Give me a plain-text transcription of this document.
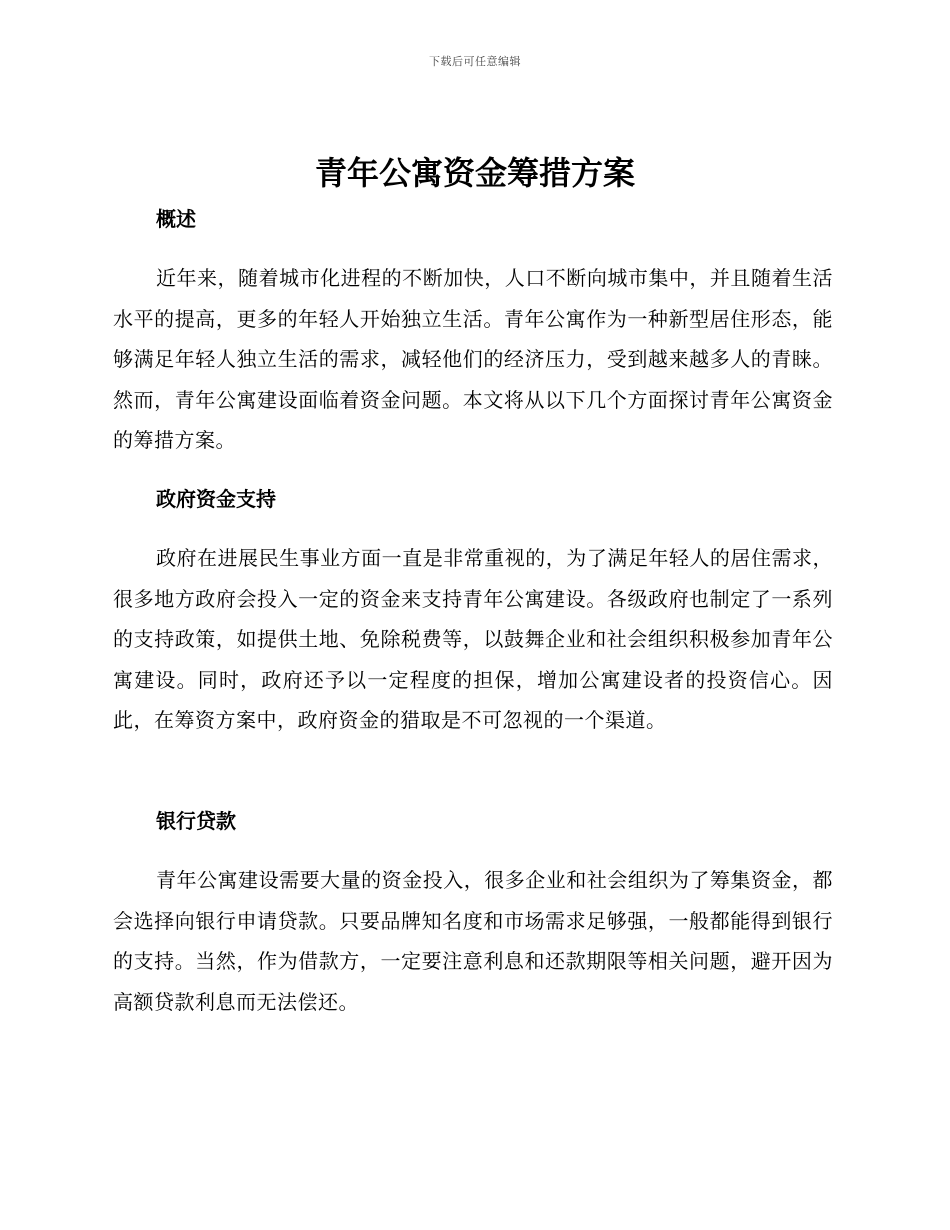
下载后可任意编辑
青年公寓资金筹措方案
概述

近年来，随着城市化进程的不断加快，人口不断向城市集中，并且随着生活水平的提高，更多的年轻人开始独立生活。青年公寓作为一种新型居住形态，能够满足年轻人独立生活的需求，减轻他们的经济压力，受到越来越多人的青睐。然而，青年公寓建设面临着资金问题。本文将从以下几个方面探讨青年公寓资金的筹措方案。

政府资金支持

政府在进展民生事业方面一直是非常重视的，为了满足年轻人的居住需求，很多地方政府会投入一定的资金来支持青年公寓建设。各级政府也制定了一系列的支持政策，如提供土地、免除税费等，以鼓舞企业和社会组织积极参加青年公寓建设。同时，政府还予以一定程度的担保，增加公寓建设者的投资信心。因此，在筹资方案中，政府资金的猎取是不可忽视的一个渠道。

银行贷款

青年公寓建设需要大量的资金投入，很多企业和社会组织为了筹集资金，都会选择向银行申请贷款。只要品牌知名度和市场需求足够强，一般都能得到银行的支持。当然，作为借款方，一定要注意利息和还款期限等相关问题，避开因为高额贷款利息而无法偿还。
